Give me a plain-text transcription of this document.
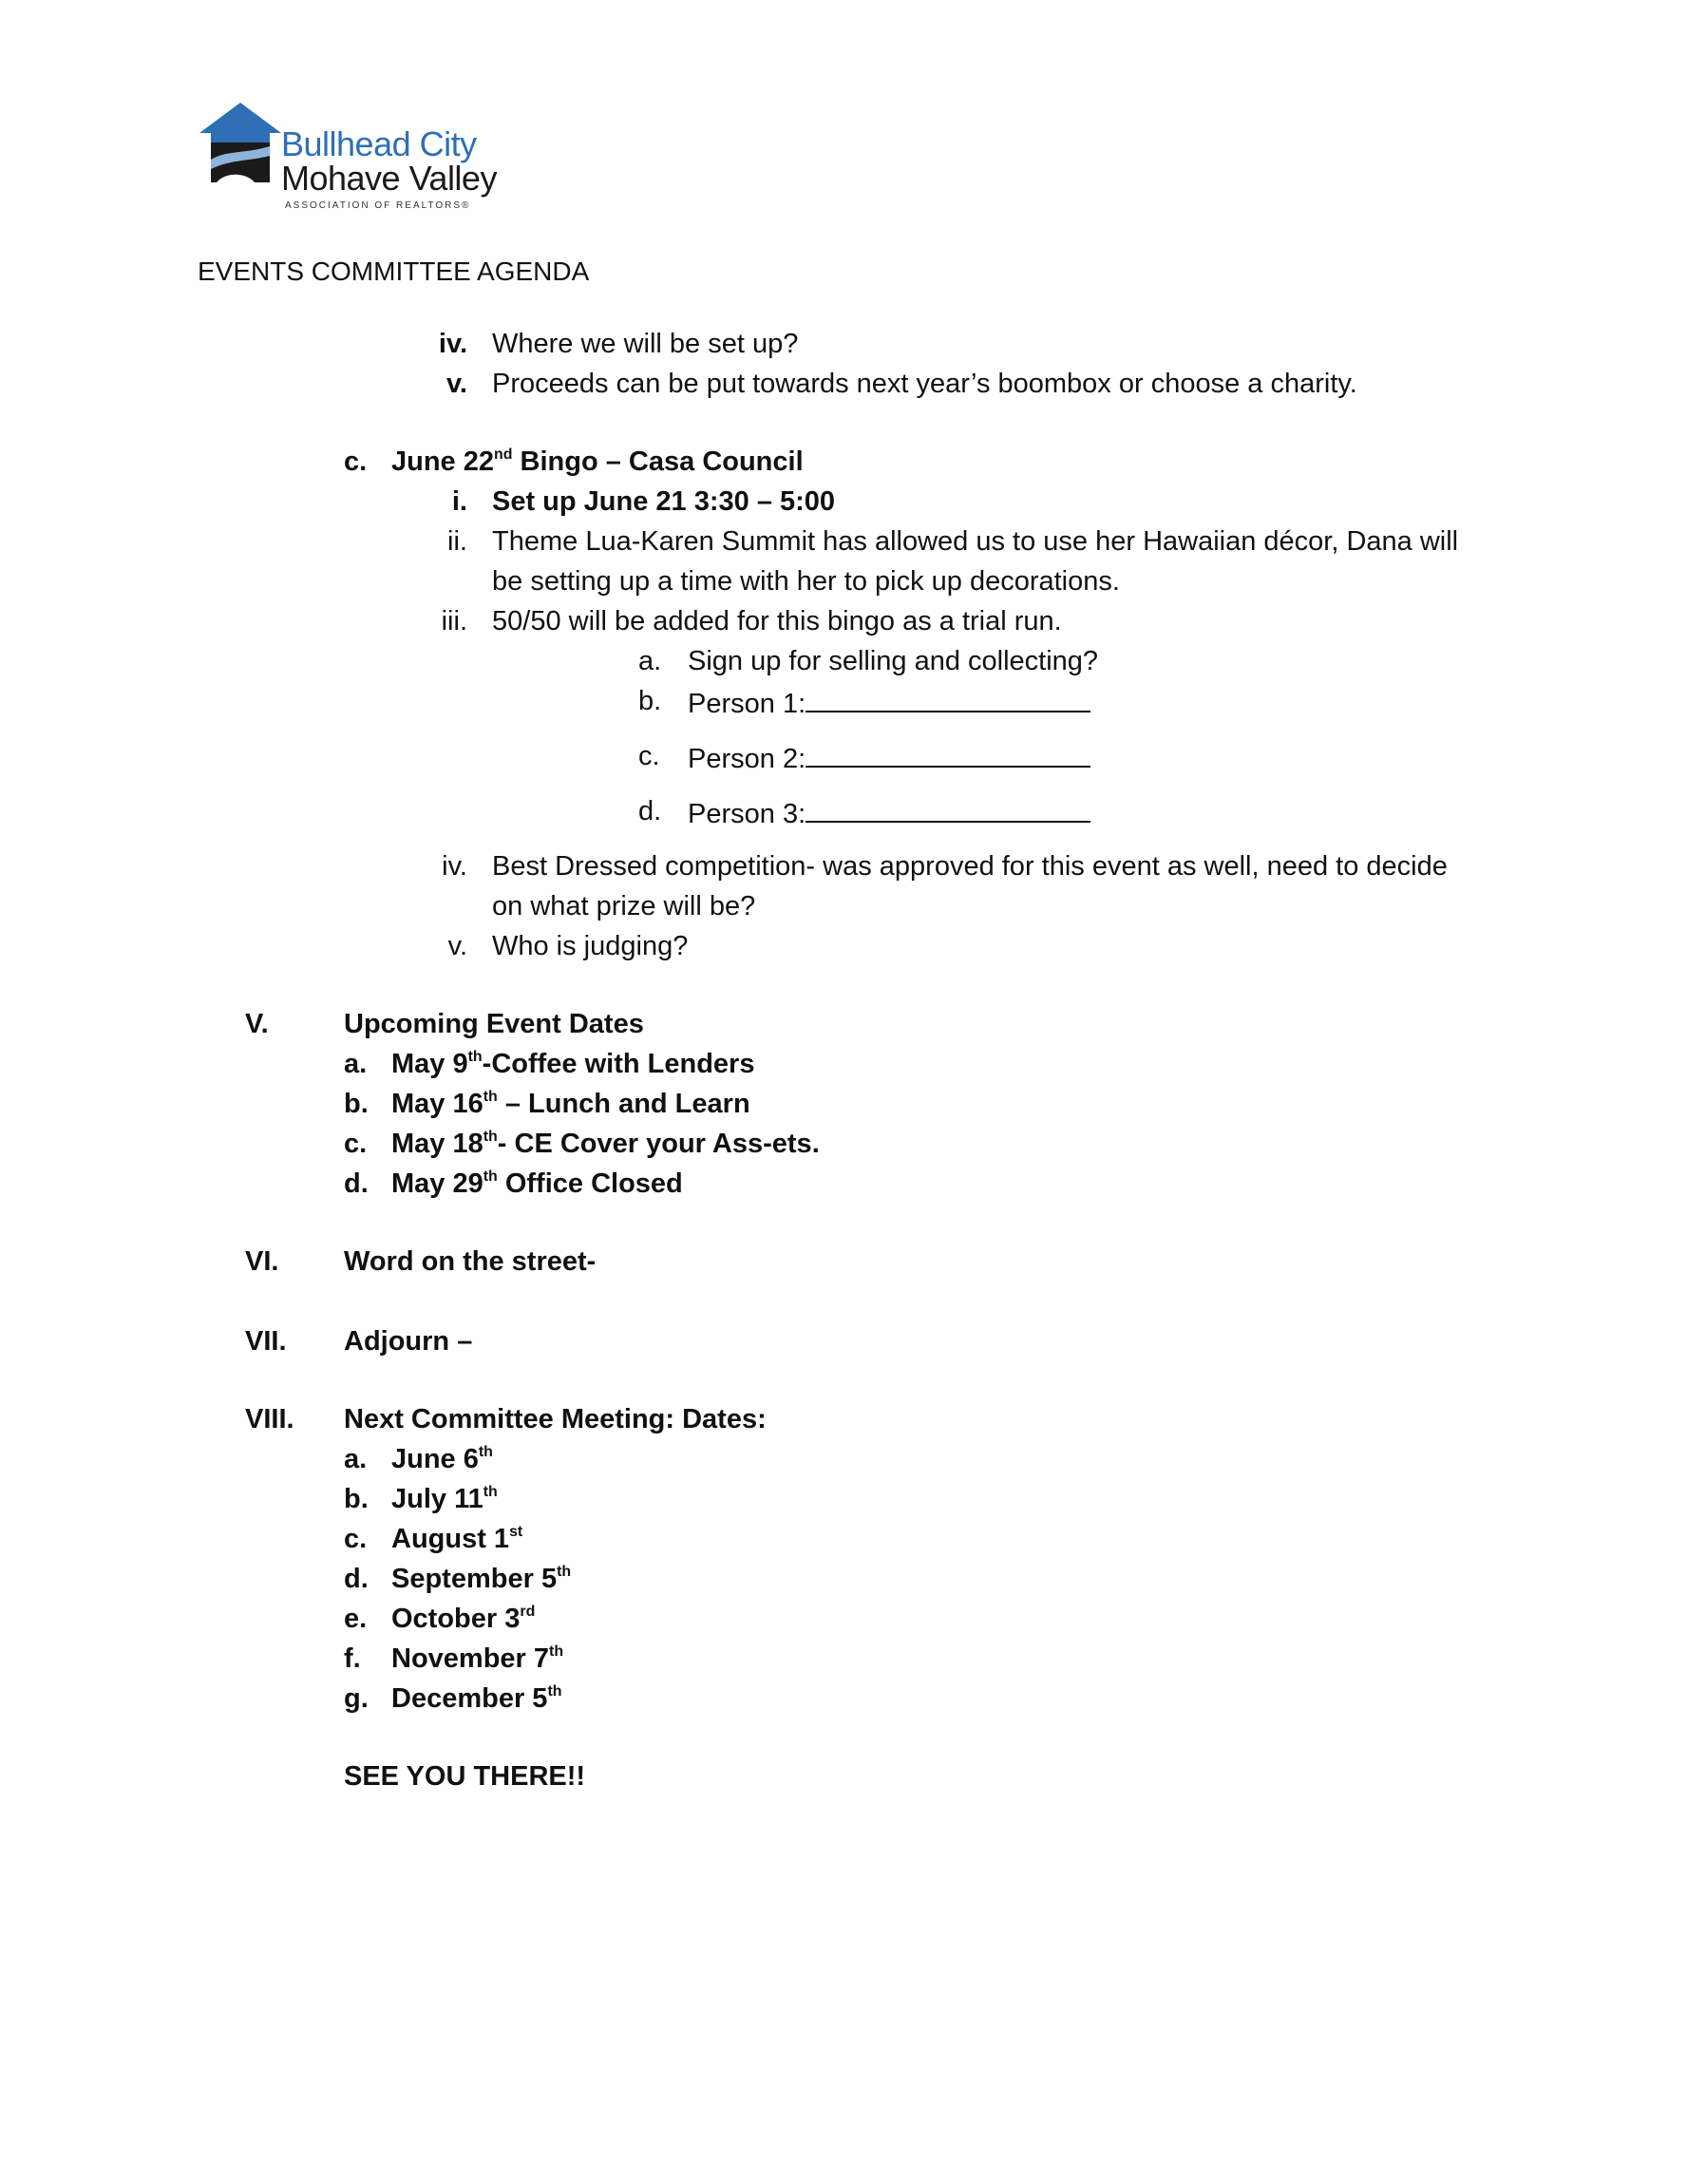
Bullhead City
Mohave Valley
ASSOCIATION OF REALTORS®
EVENTS COMMITTEE AGENDA
iv. Where we will be set up?
v. Proceeds can be put towards next year’s boombox or choose a charity.
c. June 22nd Bingo – Casa Council
i. Set up June 21 3:30 – 5:00
ii. Theme Lua-Karen Summit has allowed us to use her Hawaiian décor, Dana will
be setting up a time with her to pick up decorations.
iii. 50/50 will be added for this bingo as a trial run.
a. Sign up for selling and collecting?
b. Person 1:
c. Person 2:
d. Person 3:
iv. Best Dressed competition- was approved for this event as well, need to decide
on what prize will be?
v. Who is judging?
V.	Upcoming Event Dates
a. May 9th-Coffee with Lenders
b. May 16th – Lunch and Learn
c. May 18th- CE Cover your Ass-ets.
d. May 29th Office Closed
VI. Word on the street-
VII. Adjourn –
VIII. Next Committee Meeting: Dates:
a. June 6th
b. July 11th
c. August 1st
d. September 5th
e. October 3rd
f. November 7th
g. December 5th
SEE YOU THERE!!
